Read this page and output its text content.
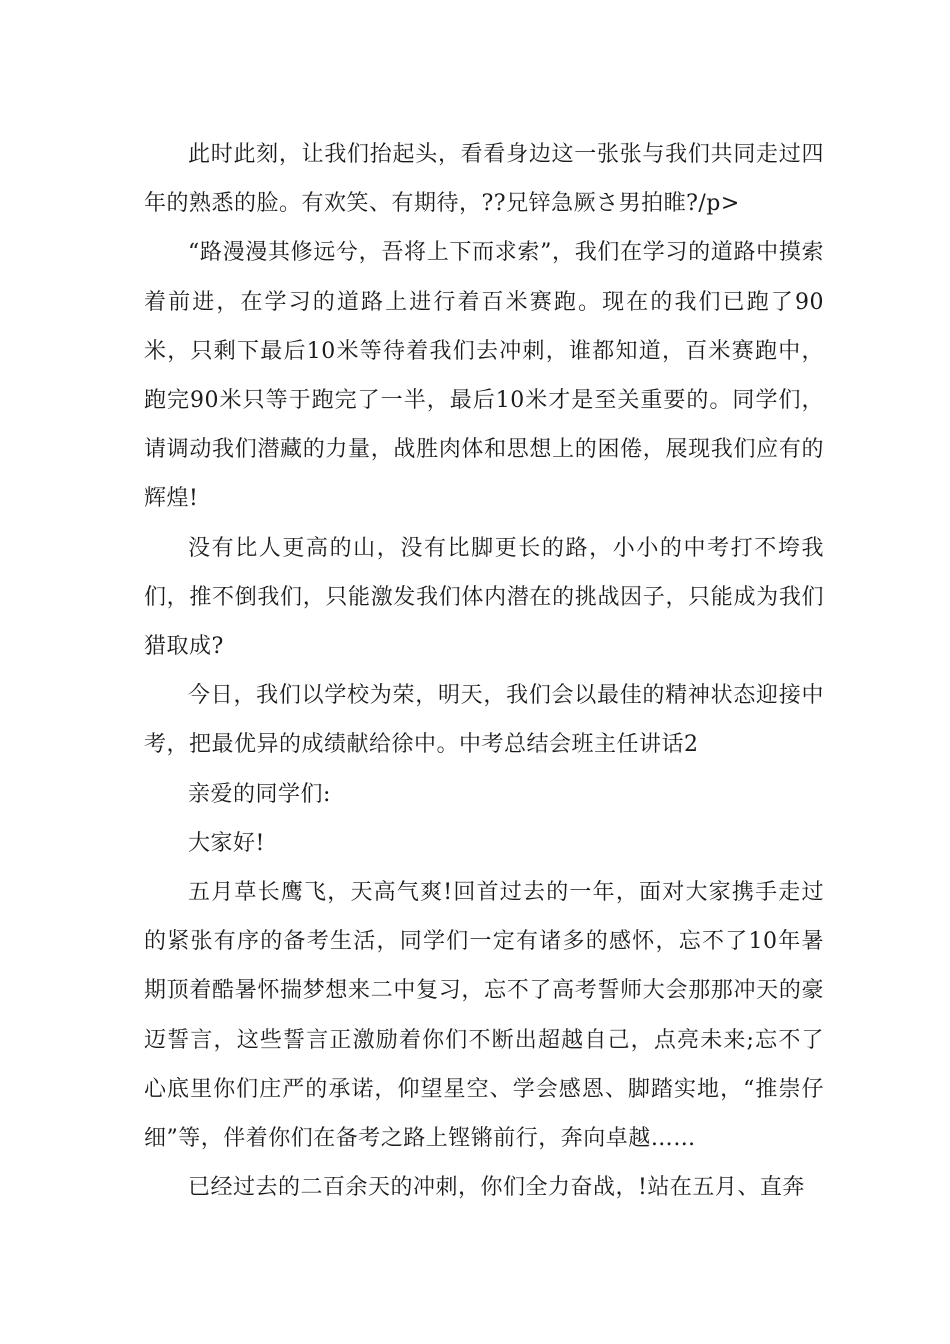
此时此刻，让我们抬起头，看看身边这一张张与我们共同走过四年的熟悉的脸。有欢笑、有期待，??兄锌急厥さ男拍睢?/p>

“路漫漫其修远兮，吾将上下而求索”，我们在学习的道路中摸索着前进，在学习的道路上进行着百米赛跑。现在的我们已跑了90米，只剩下最后10米等待着我们去冲刺，谁都知道，百米赛跑中，跑完90米只等于跑完了一半，最后10米才是至关重要的。同学们，请调动我们潜藏的力量，战胜肉体和思想上的困倦，展现我们应有的辉煌!

没有比人更高的山，没有比脚更长的路，小小的中考打不垮我们，推不倒我们，只能激发我们体内潜在的挑战因子，只能成为我们猎取成?

今日，我们以学校为荣，明天，我们会以最佳的精神状态迎接中考，把最优异的成绩献给徐中。中考总结会班主任讲话2

亲爱的同学们:

大家好!

五月草长鹰飞，天高气爽!回首过去的一年，面对大家携手走过的紧张有序的备考生活，同学们一定有诸多的感怀，忘不了10年暑期顶着酷暑怀揣梦想来二中复习，忘不了高考誓师大会那那冲天的豪迈誓言，这些誓言正激励着你们不断出超越自己，点亮未来;忘不了心底里你们庄严的承诺，仰望星空、学会感恩、脚踏实地，“推崇仔细”等，伴着你们在备考之路上铿锵前行，奔向卓越……

已经过去的二百余天的冲刺，你们全力奋战，!站在五月、直奔
